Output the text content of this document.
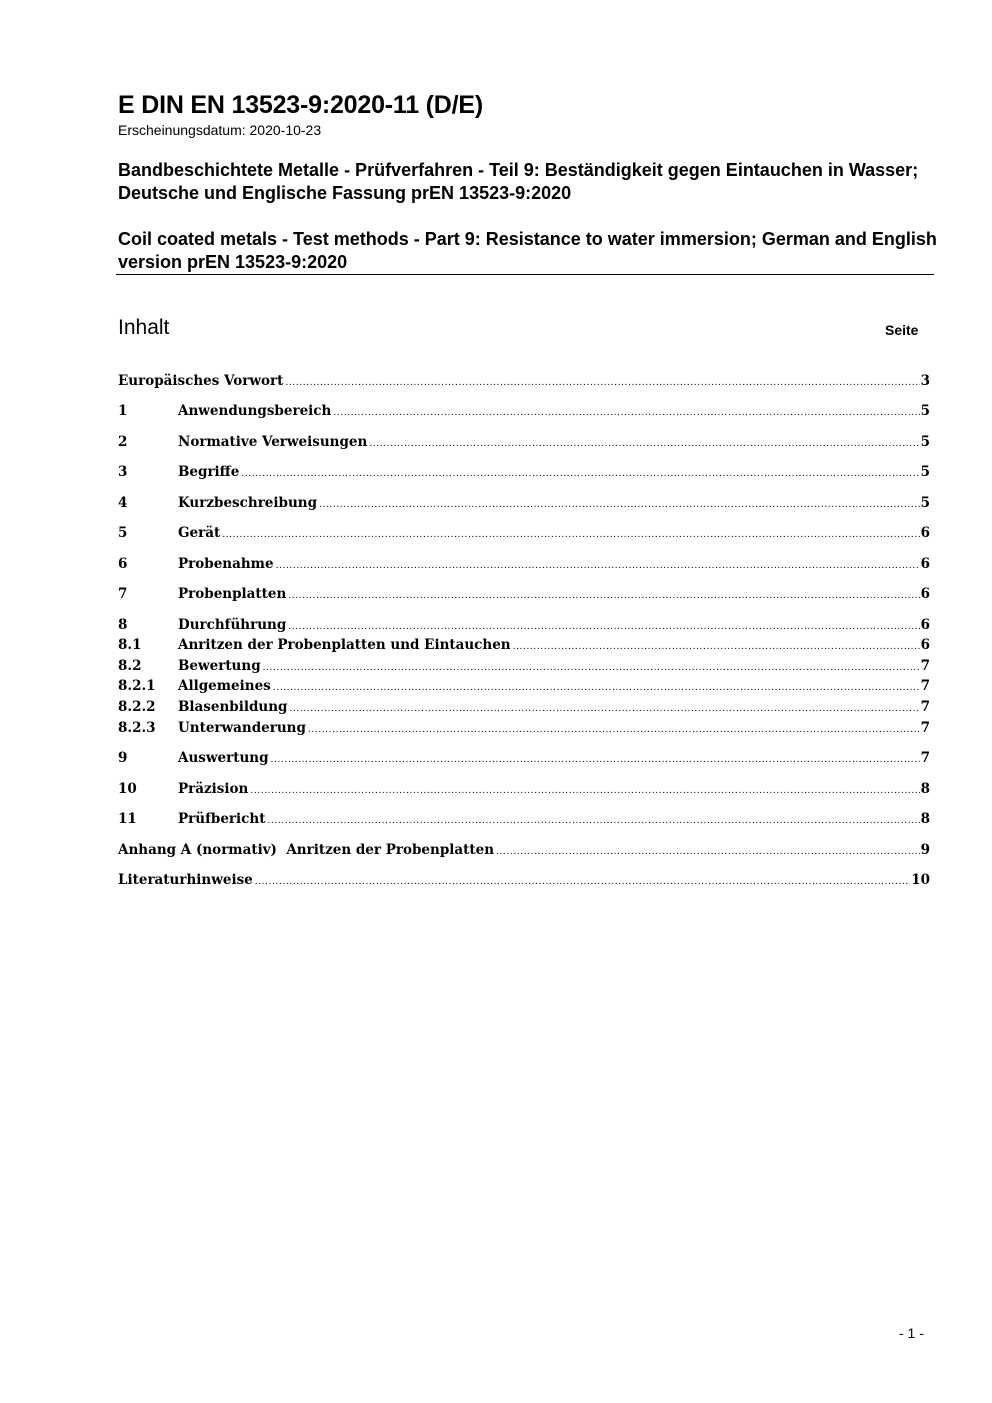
E DIN EN 13523-9:2020-11 (D/E)
Erscheinungsdatum: 2020-10-23
Bandbeschichtete Metalle - Prüfverfahren - Teil 9: Beständigkeit gegen Eintauchen in Wasser; Deutsche und Englische Fassung prEN 13523-9:2020
Coil coated metals - Test methods - Part 9: Resistance to water immersion; German and English version prEN 13523-9:2020
Inhalt	Seite
Europäisches Vorwort .....	3
1	Anwendungsbereich .....	5
2	Normative Verweisungen .....	5
3	Begriffe .....	5
4	Kurzbeschreibung .....	5
5	Gerät .....	6
6	Probenahme .....	6
7	Probenplatten .....	6
8	Durchführung .....	6
8.1	Anritzen der Probenplatten und Eintauchen .....	6
8.2	Bewertung .....	7
8.2.1	Allgemeines .....	7
8.2.2	Blasenbildung .....	7
8.2.3	Unterwanderung .....	7
9	Auswertung .....	7
10	Präzision .....	8
11	Prüfbericht .....	8
Anhang A (normativ)  Anritzen der Probenplatten .....	9
Literaturhinweise .....	10
- 1 -
